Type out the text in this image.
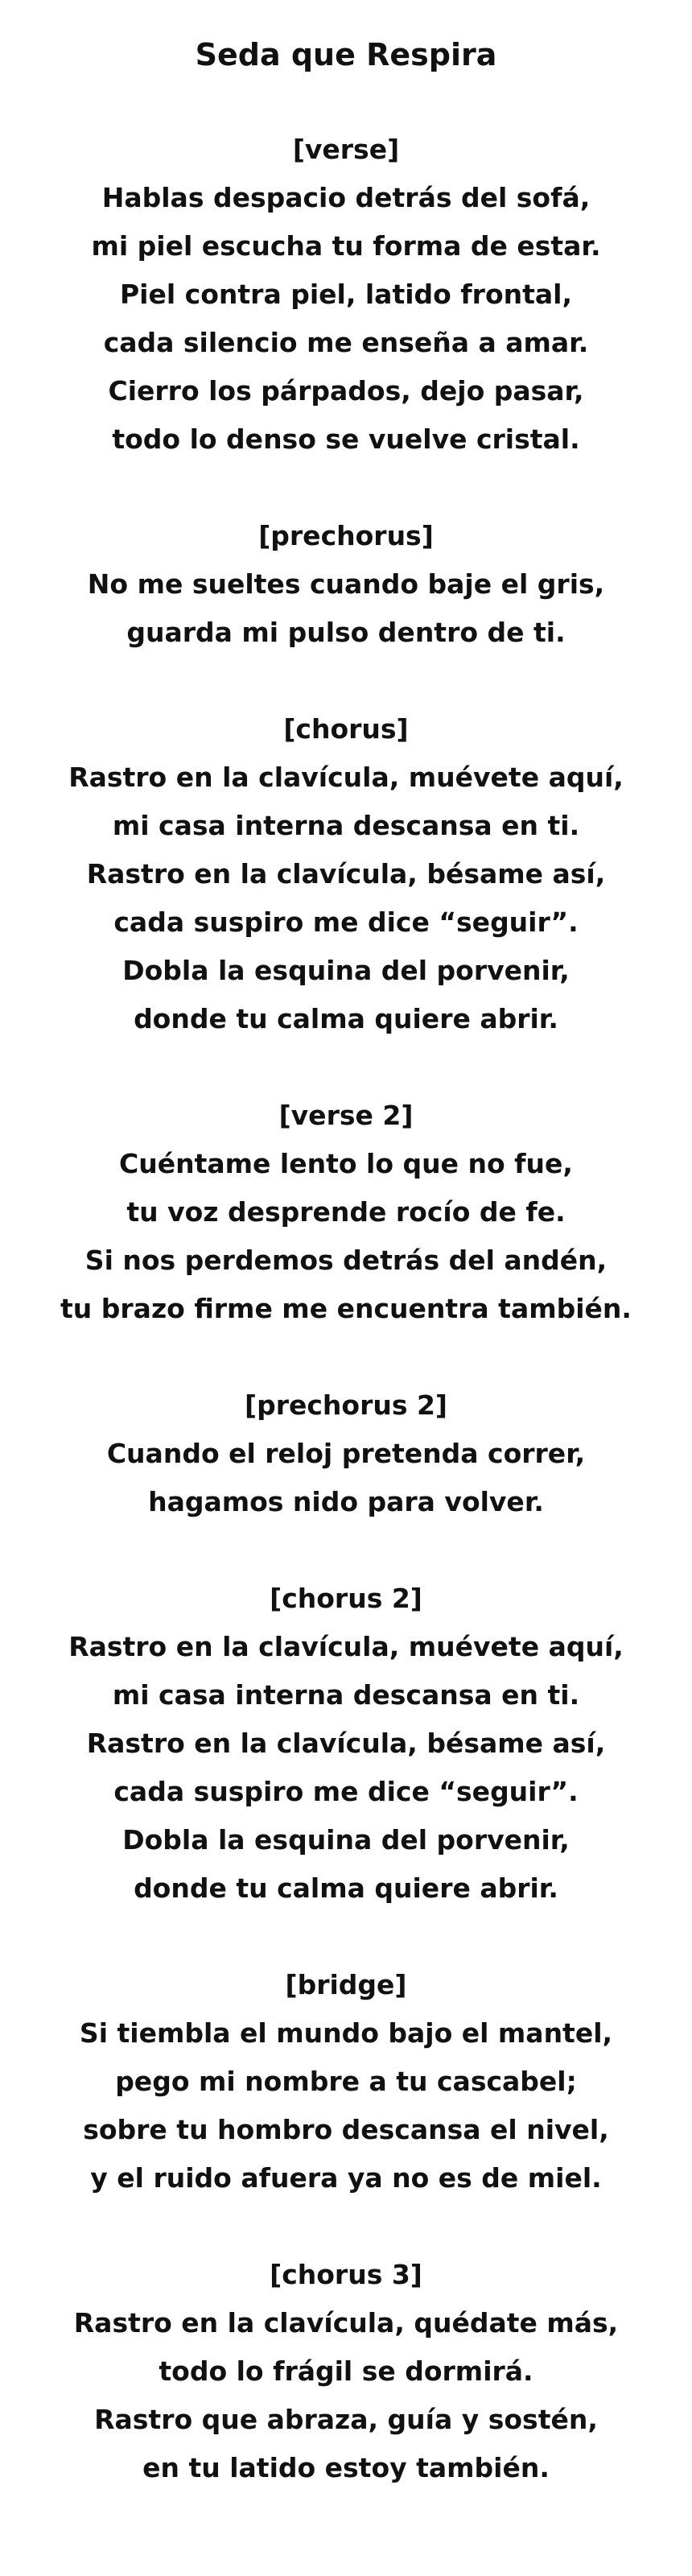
Seda que Respira

[verse]

Hablas despacio detrás del sofá,

mi piel escucha tu forma de estar.

Piel contra piel, latido frontal,

cada silencio me enseña a amar.

Cierro los párpados, dejo pasar,

todo lo denso se vuelve cristal.

[prechorus]

No me sueltes cuando baje el gris,

guarda mi pulso dentro de ti.

[chorus]

Rastro en la clavícula, muévete aquí,

mi casa interna descansa en ti.

Rastro en la clavícula, bésame así,

cada suspiro me dice “seguir”.

Dobla la esquina del porvenir,

donde tu calma quiere abrir.

[verse 2]

Cuéntame lento lo que no fue,

tu voz desprende rocío de fe.

Si nos perdemos detrás del andén,

tu brazo firme me encuentra también.

[prechorus 2]

Cuando el reloj pretenda correr,

hagamos nido para volver.

[chorus 2]

Rastro en la clavícula, muévete aquí,

mi casa interna descansa en ti.

Rastro en la clavícula, bésame así,

cada suspiro me dice “seguir”.

Dobla la esquina del porvenir,

donde tu calma quiere abrir.

[bridge]

Si tiembla el mundo bajo el mantel,

pego mi nombre a tu cascabel;

sobre tu hombro descansa el nivel,

y el ruido afuera ya no es de miel.

[chorus 3]

Rastro en la clavícula, quédate más,

todo lo frágil se dormirá.

Rastro que abraza, guía y sostén,

en tu latido estoy también.
